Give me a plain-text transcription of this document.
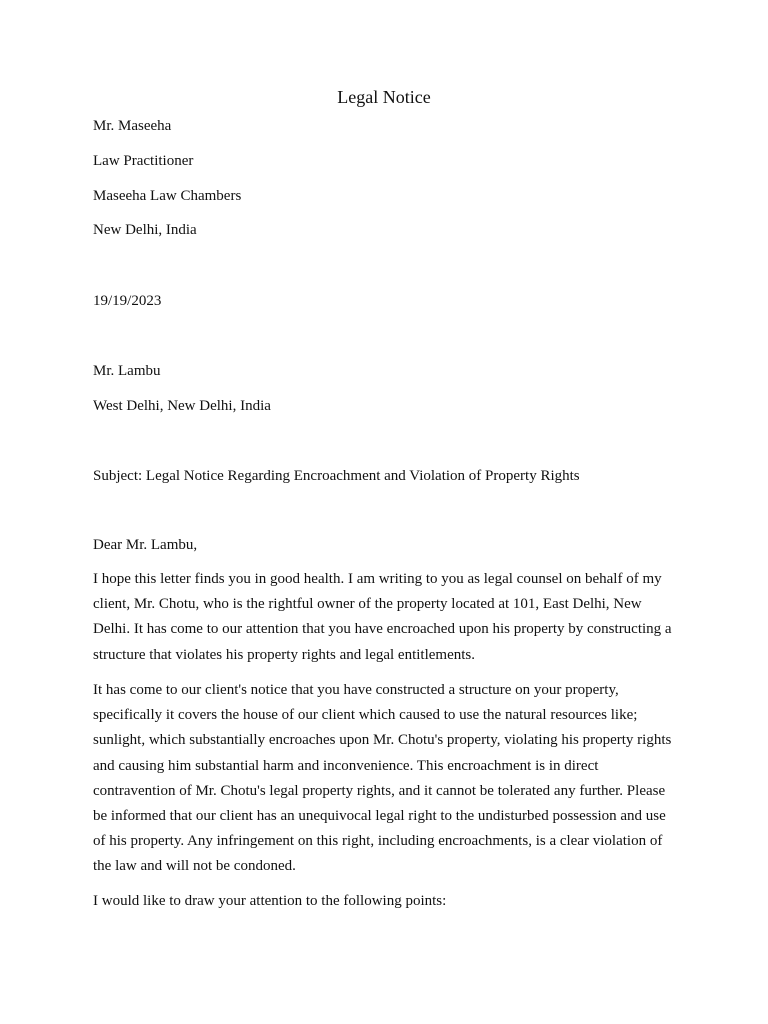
Legal Notice
Mr. Maseeha
Law Practitioner
Maseeha Law Chambers
New Delhi, India
19/19/2023
Mr. Lambu
West Delhi, New Delhi, India
Subject: Legal Notice Regarding Encroachment and Violation of Property Rights
Dear Mr. Lambu,
I hope this letter finds you in good health. I am writing to you as legal counsel on behalf of my client, Mr. Chotu, who is the rightful owner of the property located at 101, East Delhi, New Delhi. It has come to our attention that you have encroached upon his property by constructing a structure that violates his property rights and legal entitlements.
It has come to our client's notice that you have constructed a structure on your property, specifically it covers the house of our client which caused to use the natural resources like; sunlight, which substantially encroaches upon Mr. Chotu's property, violating his property rights and causing him substantial harm and inconvenience. This encroachment is in direct contravention of Mr. Chotu's legal property rights, and it cannot be tolerated any further. Please be informed that our client has an unequivocal legal right to the undisturbed possession and use of his property. Any infringement on this right, including encroachments, is a clear violation of the law and will not be condoned.
I would like to draw your attention to the following points:
